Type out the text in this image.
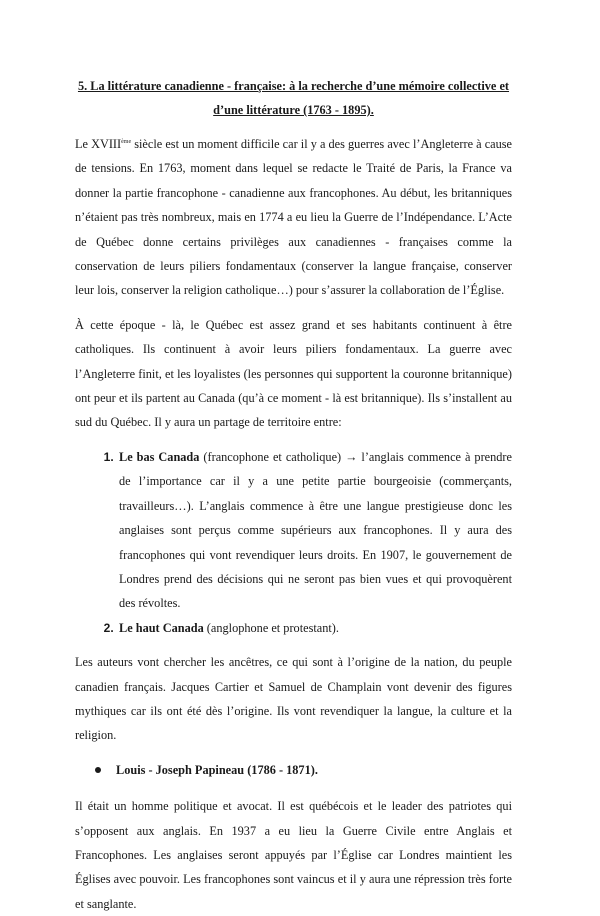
5. La littérature canadienne - française: à la recherche d’une mémoire collective et
d’une littérature (1763 - 1895).

Le XVIIIème siècle est un moment difficile car il y a des guerres avec l’Angleterre à cause de tensions. En 1763, moment dans lequel se redacte le Traité de Paris, la France va donner la partie francophone - canadienne aux francophones. Au début, les britanniques n’étaient pas très nombreux, mais en 1774 a eu lieu la Guerre de l’Indépendance. L’Acte de Québec donne certains privilèges aux canadiennes - françaises comme la conservation de leurs piliers fondamentaux (conserver la langue française, conserver leur lois, conserver la religion catholique…) pour s’assurer la collaboration de l’Église.

À cette époque - là, le Québec est assez grand et ses habitants continuent à être catholiques. Ils continuent à avoir leurs piliers fondamentaux. La guerre avec l’Angleterre finit, et les loyalistes (les personnes qui supportent la couronne britannique) ont peur et ils partent au Canada (qu’à ce moment - là est britannique). Ils s’installent au sud du Québec. Il y aura un partage de territoire entre:

1. Le bas Canada (francophone et catholique) → l’anglais commence à prendre de l’importance car il y a une petite partie bourgeoisie (commerçants, travailleurs…). L’anglais commence à être une langue prestigieuse donc les anglaises sont perçus comme supérieurs aux francophones. Il y aura des francophones qui vont revendiquer leurs droits. En 1907, le gouvernement de Londres prend des décisions qui ne seront pas bien vues et qui provoquèrent des révoltes.
2. Le haut Canada (anglophone et protestant).

Les auteurs vont chercher les ancêtres, ce qui sont à l’origine de la nation, du peuple canadien français. Jacques Cartier et Samuel de Champlain vont devenir des figures mythiques car ils ont été dès l’origine. Ils vont revendiquer la langue, la culture et la religion.

Louis - Joseph Papineau (1786 - 1871).

Il était un homme politique et avocat. Il est québécois et le leader des patriotes qui s’opposent aux anglais. En 1937 a eu lieu la Guerre Civile entre Anglais et Francophones. Les anglaises seront appuyés par l’Église car Londres maintient les Églises avec pouvoir. Les francophones sont vaincus et il y aura une répression très forte et sanglante.
